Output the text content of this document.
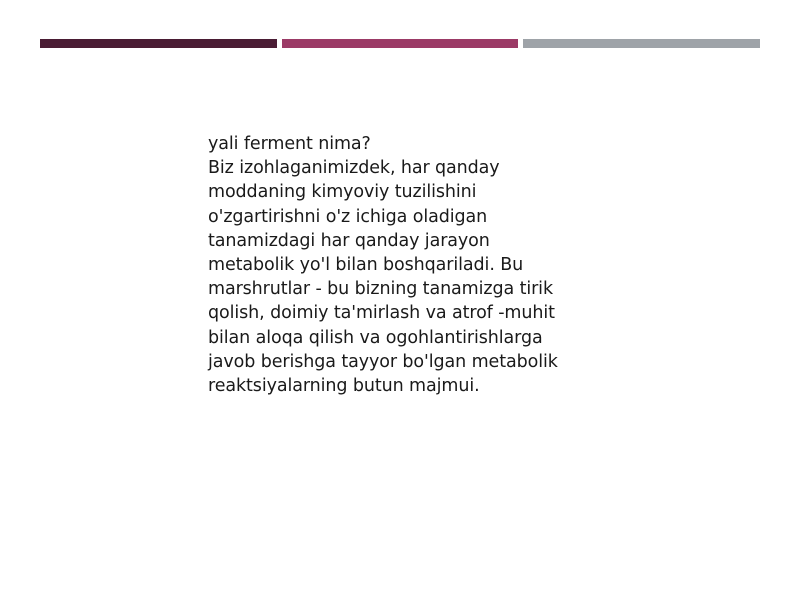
yali ferment nima?
Biz izohlaganimizdek, har qanday
moddaning kimyoviy tuzilishini
o'zgartirishni o'z ichiga oladigan
tanamizdagi har qanday jarayon
metabolik yo'l bilan boshqariladi. Bu
marshrutlar - bu bizning tanamizga tirik
qolish, doimiy ta'mirlash va atrof -muhit
bilan aloqa qilish va ogohlantirishlarga
javob berishga tayyor bo'lgan metabolik
reaktsiyalarning butun majmui.
